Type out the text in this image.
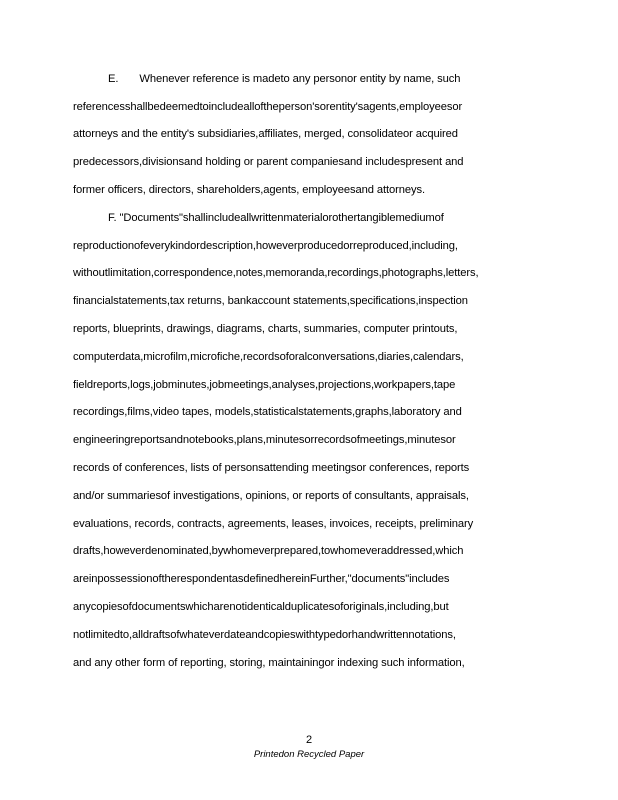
E.       Whenever reference is madeto any personor entity by name, such
referencesshallbedeemedtoincludealloftheperson'sorentity'sagents,employeesor
attorneys and the entity's subsidiaries,affiliates, merged, consolidateor acquired
predecessors,divisionsand holding or parent companiesand includespresent and
former officers, directors, shareholders,agents, employeesand attorneys.
F. "Documents"shallincludeallwrittenmaterialorothertangiblemediumof
reproductionofeverykindordescription,howeverproducedorreproduced,including,
withoutlimitation,correspondence,notes,memoranda,recordings,photographs,letters,
financialstatements,tax returns, bankaccount statements,specifications,inspection
reports, blueprints, drawings, diagrams, charts, summaries, computer printouts,
computerdata,microfilm,microfiche,recordsoforalconversations,diaries,calendars,
fieldreports,logs,jobminutes,jobmeetings,analyses,projections,workpapers,tape
recordings,films,video tapes, models,statisticalstatements,graphs,laboratory and
engineeringreportsandnotebooks,plans,minutesorrecordsofmeetings,minutesor
records of conferences, lists of personsattending meetingsor conferences, reports
and/or summariesof investigations, opinions, or reports of consultants, appraisals,
evaluations, records, contracts, agreements, leases, invoices, receipts, preliminary
drafts,howeverdenominated,bywhomeverprepared,towhomeveraddressed,which
areinpossessionoftherespondentasdefinedhereinFurther,"documents"includes
anycopiesofdocumentswhicharenotidenticalduplicatesoforiginals,including,but
notlimitedto,alldraftsofwhateverdateandcopieswithtypedorhandwrittennotations,
and any other form of reporting, storing, maintainingor indexing such information,
2
Printedon Recycled Paper
